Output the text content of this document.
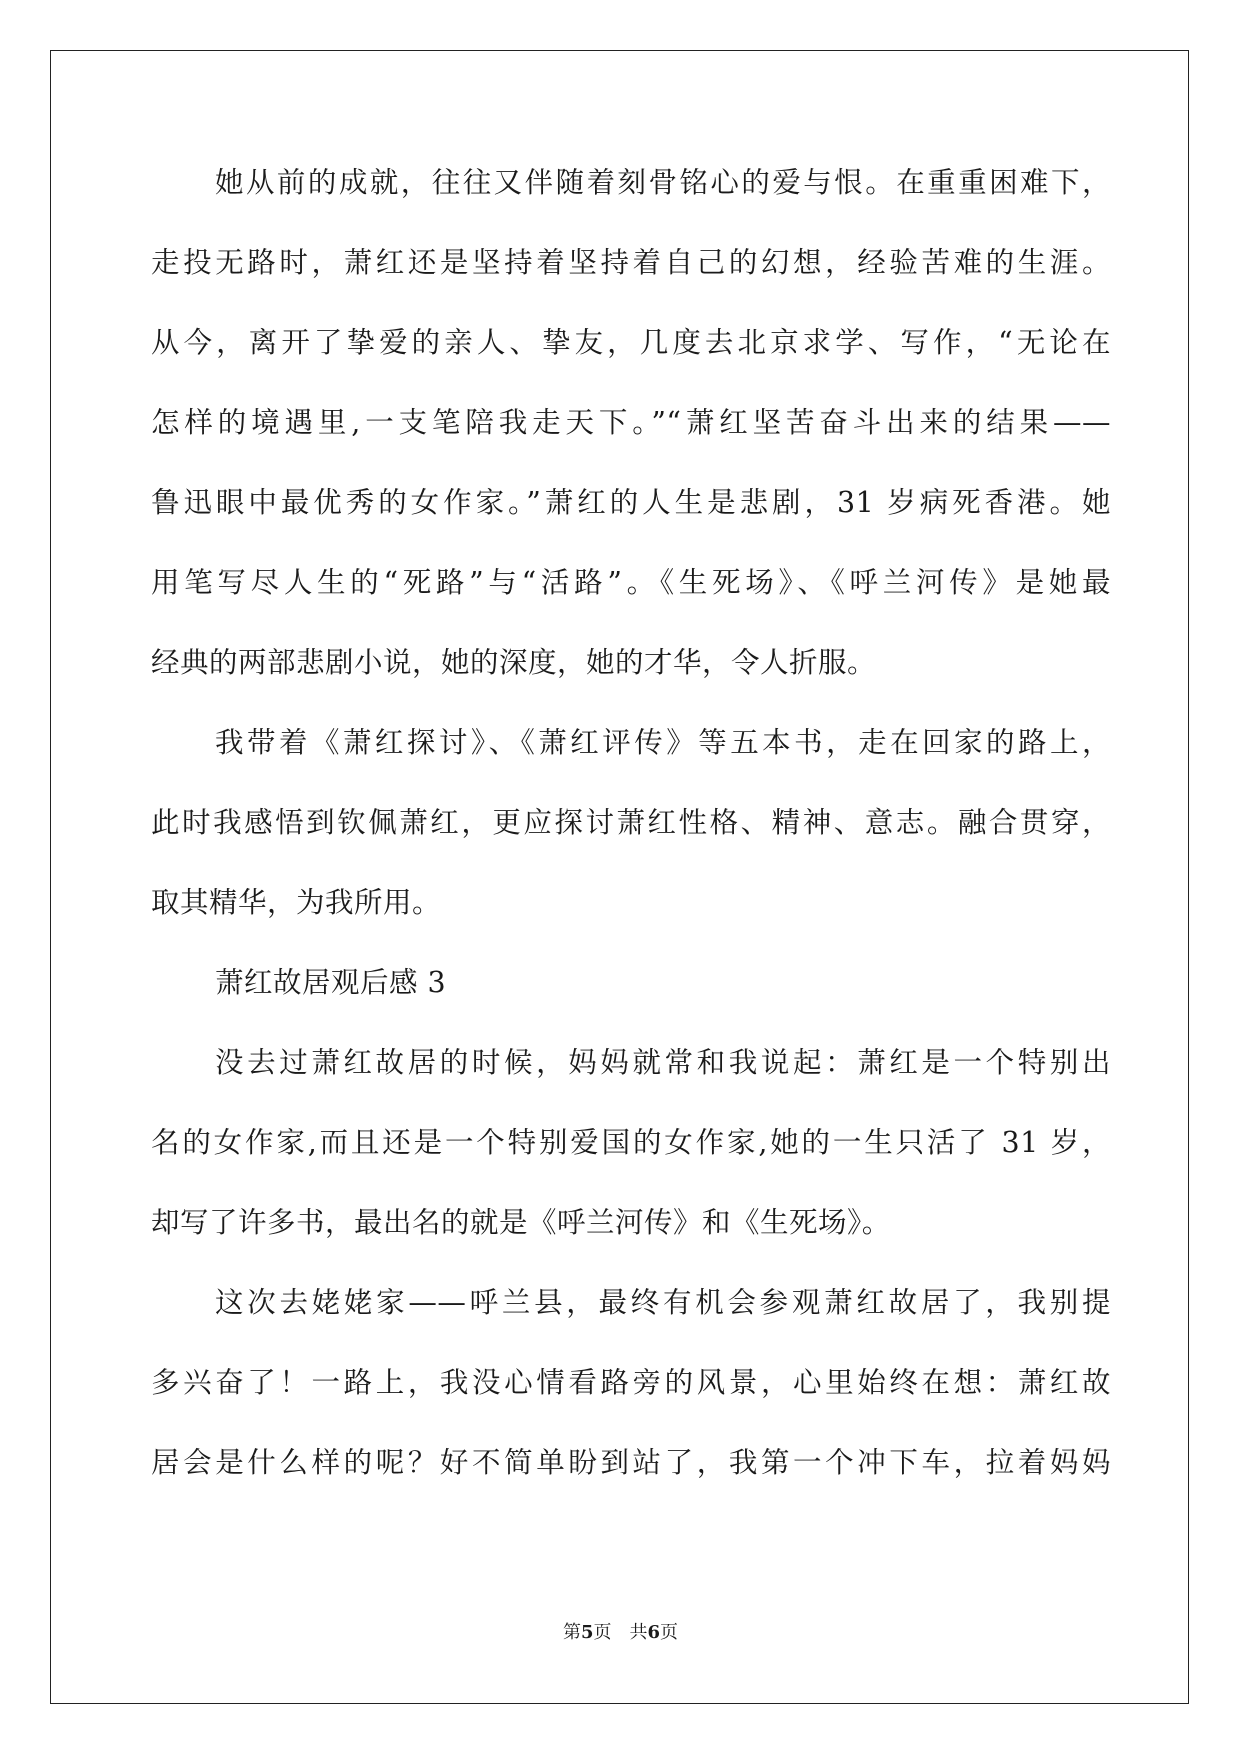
她从前的成就，往往又伴随着刻骨铭心的爱与恨。在重重困难下，
走投无路时，萧红还是坚持着坚持着自己的幻想，经验苦难的生涯。
从今，离开了挚爱的亲人、挚友，几度去北京求学、写作，“无论在
怎样的境遇里,一支笔陪我走天下。”“萧红坚苦奋斗出来的结果——
鲁迅眼中最优秀的女作家。”萧红的人生是悲剧，31 岁病死香港。她
用笔写尽人生的“死路”与“活路”。《生死场》、《呼兰河传》是她最
经典的两部悲剧小说，她的深度，她的才华，令人折服。
我带着《萧红探讨》、《萧红评传》等五本书，走在回家的路上，
此时我感悟到钦佩萧红，更应探讨萧红性格、精神、意志。融合贯穿，
取其精华，为我所用。
萧红故居观后感 3
没去过萧红故居的时候，妈妈就常和我说起：萧红是一个特别出
名的女作家,而且还是一个特别爱国的女作家,她的一生只活了 31 岁，
却写了许多书，最出名的就是《呼兰河传》和《生死场》。
这次去姥姥家——呼兰县，最终有机会参观萧红故居了，我别提
多兴奋了！一路上，我没心情看路旁的风景，心里始终在想：萧红故
居会是什么样的呢？好不简单盼到站了，我第一个冲下车，拉着妈妈
第5页　共6页
